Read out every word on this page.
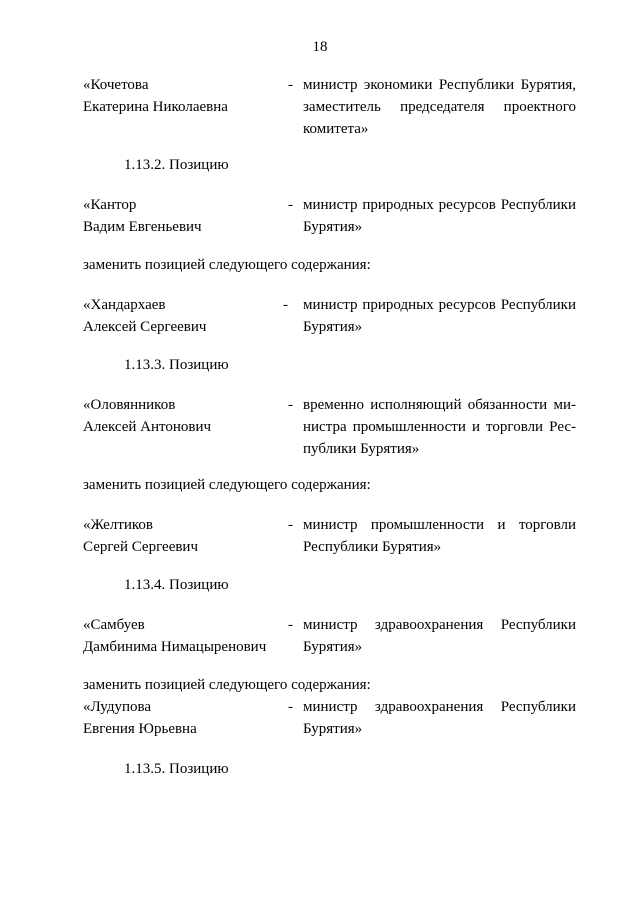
18
«Кочетова
Екатерина Николаевна
- министр экономики Республики Бурятия,
заместитель председателя проектного
комитета»
1.13.2. Позицию
«Кантор
Вадим Евгеньевич
- министр природных ресурсов Республики
Бурятия»
заменить позицией следующего содержания:
«Хандархаев
Алексей Сергеевич
- министр природных ресурсов Республики
Бурятия»
1.13.3. Позицию
«Оловянников
Алексей Антонович
- временно исполняющий обязанности ми-
нистра промышленности и торговли Рес-
публики Бурятия»
заменить позицией следующего содержания:
«Желтиков
Сергей Сергеевич
- министр промышленности и торговли
Республики Бурятия»
1.13.4. Позицию
«Самбуев
Дамбинима Нимацыренович
- министр здравоохранения Республики
Бурятия»
заменить позицией следующего содержания:
«Лудупова
Евгения Юрьевна
- министр здравоохранения Республики
Бурятия»
1.13.5. Позицию
